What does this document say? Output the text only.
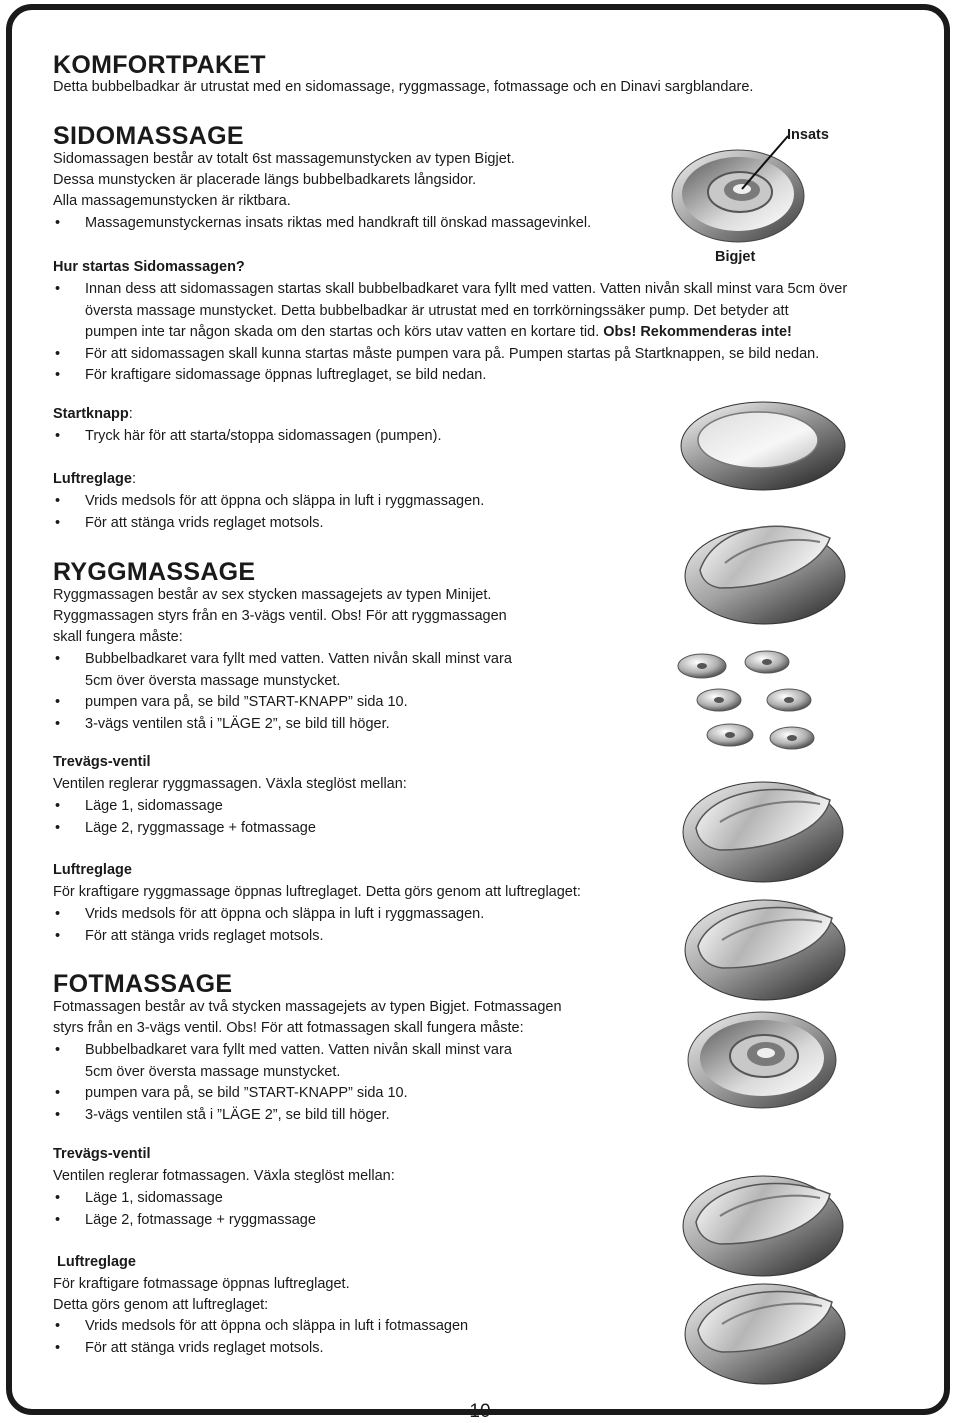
KOMFORTPAKET

Detta bubbelbadkar är utrustat med en sidomassage, ryggmassage, fotmassage och en Dinavi sargblandare.

SIDOMASSAGE

Sidomassagen består av totalt 6st massagemunstycken av typen Bigjet.

Dessa munstycken är placerade längs bubbelbadkarets långsidor.

Alla massagemunstycken är riktbara.

• Massagemunstyckernas insats riktas med handkraft till önskad massagevinkel.
Insats
Bigjet

Hur startas Sidomassagen?

• Innan dess att sidomassagen startas skall bubbelbadkaret vara fyllt med vatten. Vatten nivån skall minst vara 5cm över
översta massage munstycket. Detta bubbelbadkar är utrustat med en torrkörningssäker pump. Det betyder att
pumpen inte tar någon skada om den startas och körs utav vatten en kortare tid. Obs! Rekommenderas inte!
• För att sidomassagen skall kunna startas måste pumpen vara på. Pumpen startas på Startknappen, se bild nedan.
• För kraftigare sidomassage öppnas luftreglaget, se bild nedan.

Startknapp:

• Tryck här för att starta/stoppa sidomassagen (pumpen).

Luftreglage:

• Vrids medsols för att öppna och släppa in luft i ryggmassagen.
• För att stänga vrids reglaget motsols.
RYGGMASSAGE

Ryggmassagen består av sex stycken massagejets av typen Minijet.

Ryggmassagen styrs från en 3-vägs ventil. Obs! För att ryggmassagen

skall fungera måste:

• Bubbelbadkaret vara fyllt med vatten. Vatten nivån skall minst vara
5cm över översta massage munstycket.
• pumpen vara på, se bild ”START-KNAPP” sida 10.
• 3-vägs ventilen stå i ”LÄGE 2”, se bild till höger.

Trevägs-ventil

Ventilen reglerar ryggmassagen. Växla steglöst mellan:

• Läge 1, sidomassage
• Läge 2, ryggmassage + fotmassage

Luftreglage

För kraftigare ryggmassage öppnas luftreglaget. Detta görs genom att luftreglaget:

• Vrids medsols för att öppna och släppa in luft i ryggmassagen.
• För att stänga vrids reglaget motsols.
FOTMASSAGE

Fotmassagen består av två stycken massagejets av typen Bigjet. Fotmassagen

styrs från en 3-vägs ventil. Obs! För att fotmassagen skall fungera måste:

• Bubbelbadkaret vara fyllt med vatten. Vatten nivån skall minst vara
5cm över översta massage munstycket.
• pumpen vara på, se bild ”START-KNAPP” sida 10.
• 3-vägs ventilen stå i ”LÄGE 2”, se bild till höger.

Trevägs-ventil

Ventilen reglerar fotmassagen. Växla steglöst mellan:

• Läge 1, sidomassage
• Läge 2, fotmassage + ryggmassage

Luftreglage

För kraftigare fotmassage öppnas luftreglaget.

Detta görs genom att luftreglaget:

• Vrids medsols för att öppna och släppa in luft i fotmassagen
• För att stänga vrids reglaget motsols.
10
